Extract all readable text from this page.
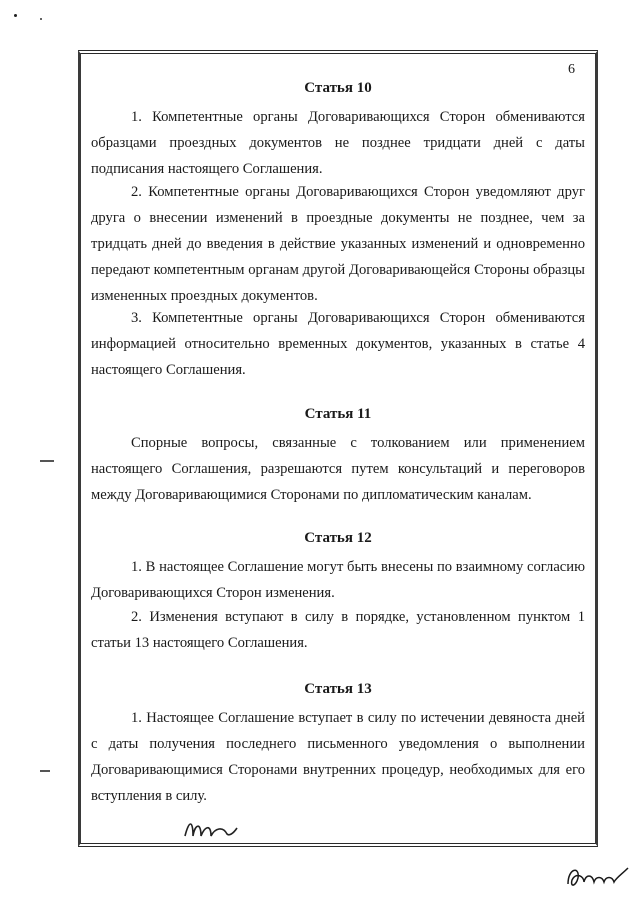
6
Статья 10
1. Компетентные органы Договаривающихся Сторон обмениваются образцами проездных документов не позднее тридцати дней с даты подписания настоящего Соглашения.
2. Компетентные органы Договаривающихся Сторон уведомляют друг друга о внесении изменений в проездные документы не позднее, чем за тридцать дней до введения в действие указанных изменений и одновременно передают компетентным органам другой Договаривающейся Стороны образцы измененных проездных документов.
3. Компетентные органы Договаривающихся Сторон обмениваются информацией относительно временных документов, указанных в статье 4 настоящего Соглашения.
Статья 11
Спорные вопросы, связанные с толкованием или применением настоящего Соглашения, разрешаются путем консультаций и переговоров между Договаривающимися Сторонами по дипломатическим каналам.
Статья 12
1. В настоящее Соглашение могут быть внесены по взаимному согласию Договаривающихся Сторон изменения.
2. Изменения вступают в силу в порядке, установленном пунктом 1 статьи 13 настоящего Соглашения.
Статья 13
1. Настоящее Соглашение вступает в силу по истечении девяноста дней с даты получения последнего письменного уведомления о выполнении Договаривающимися Сторонами внутренних процедур, необходимых для его вступления в силу.
